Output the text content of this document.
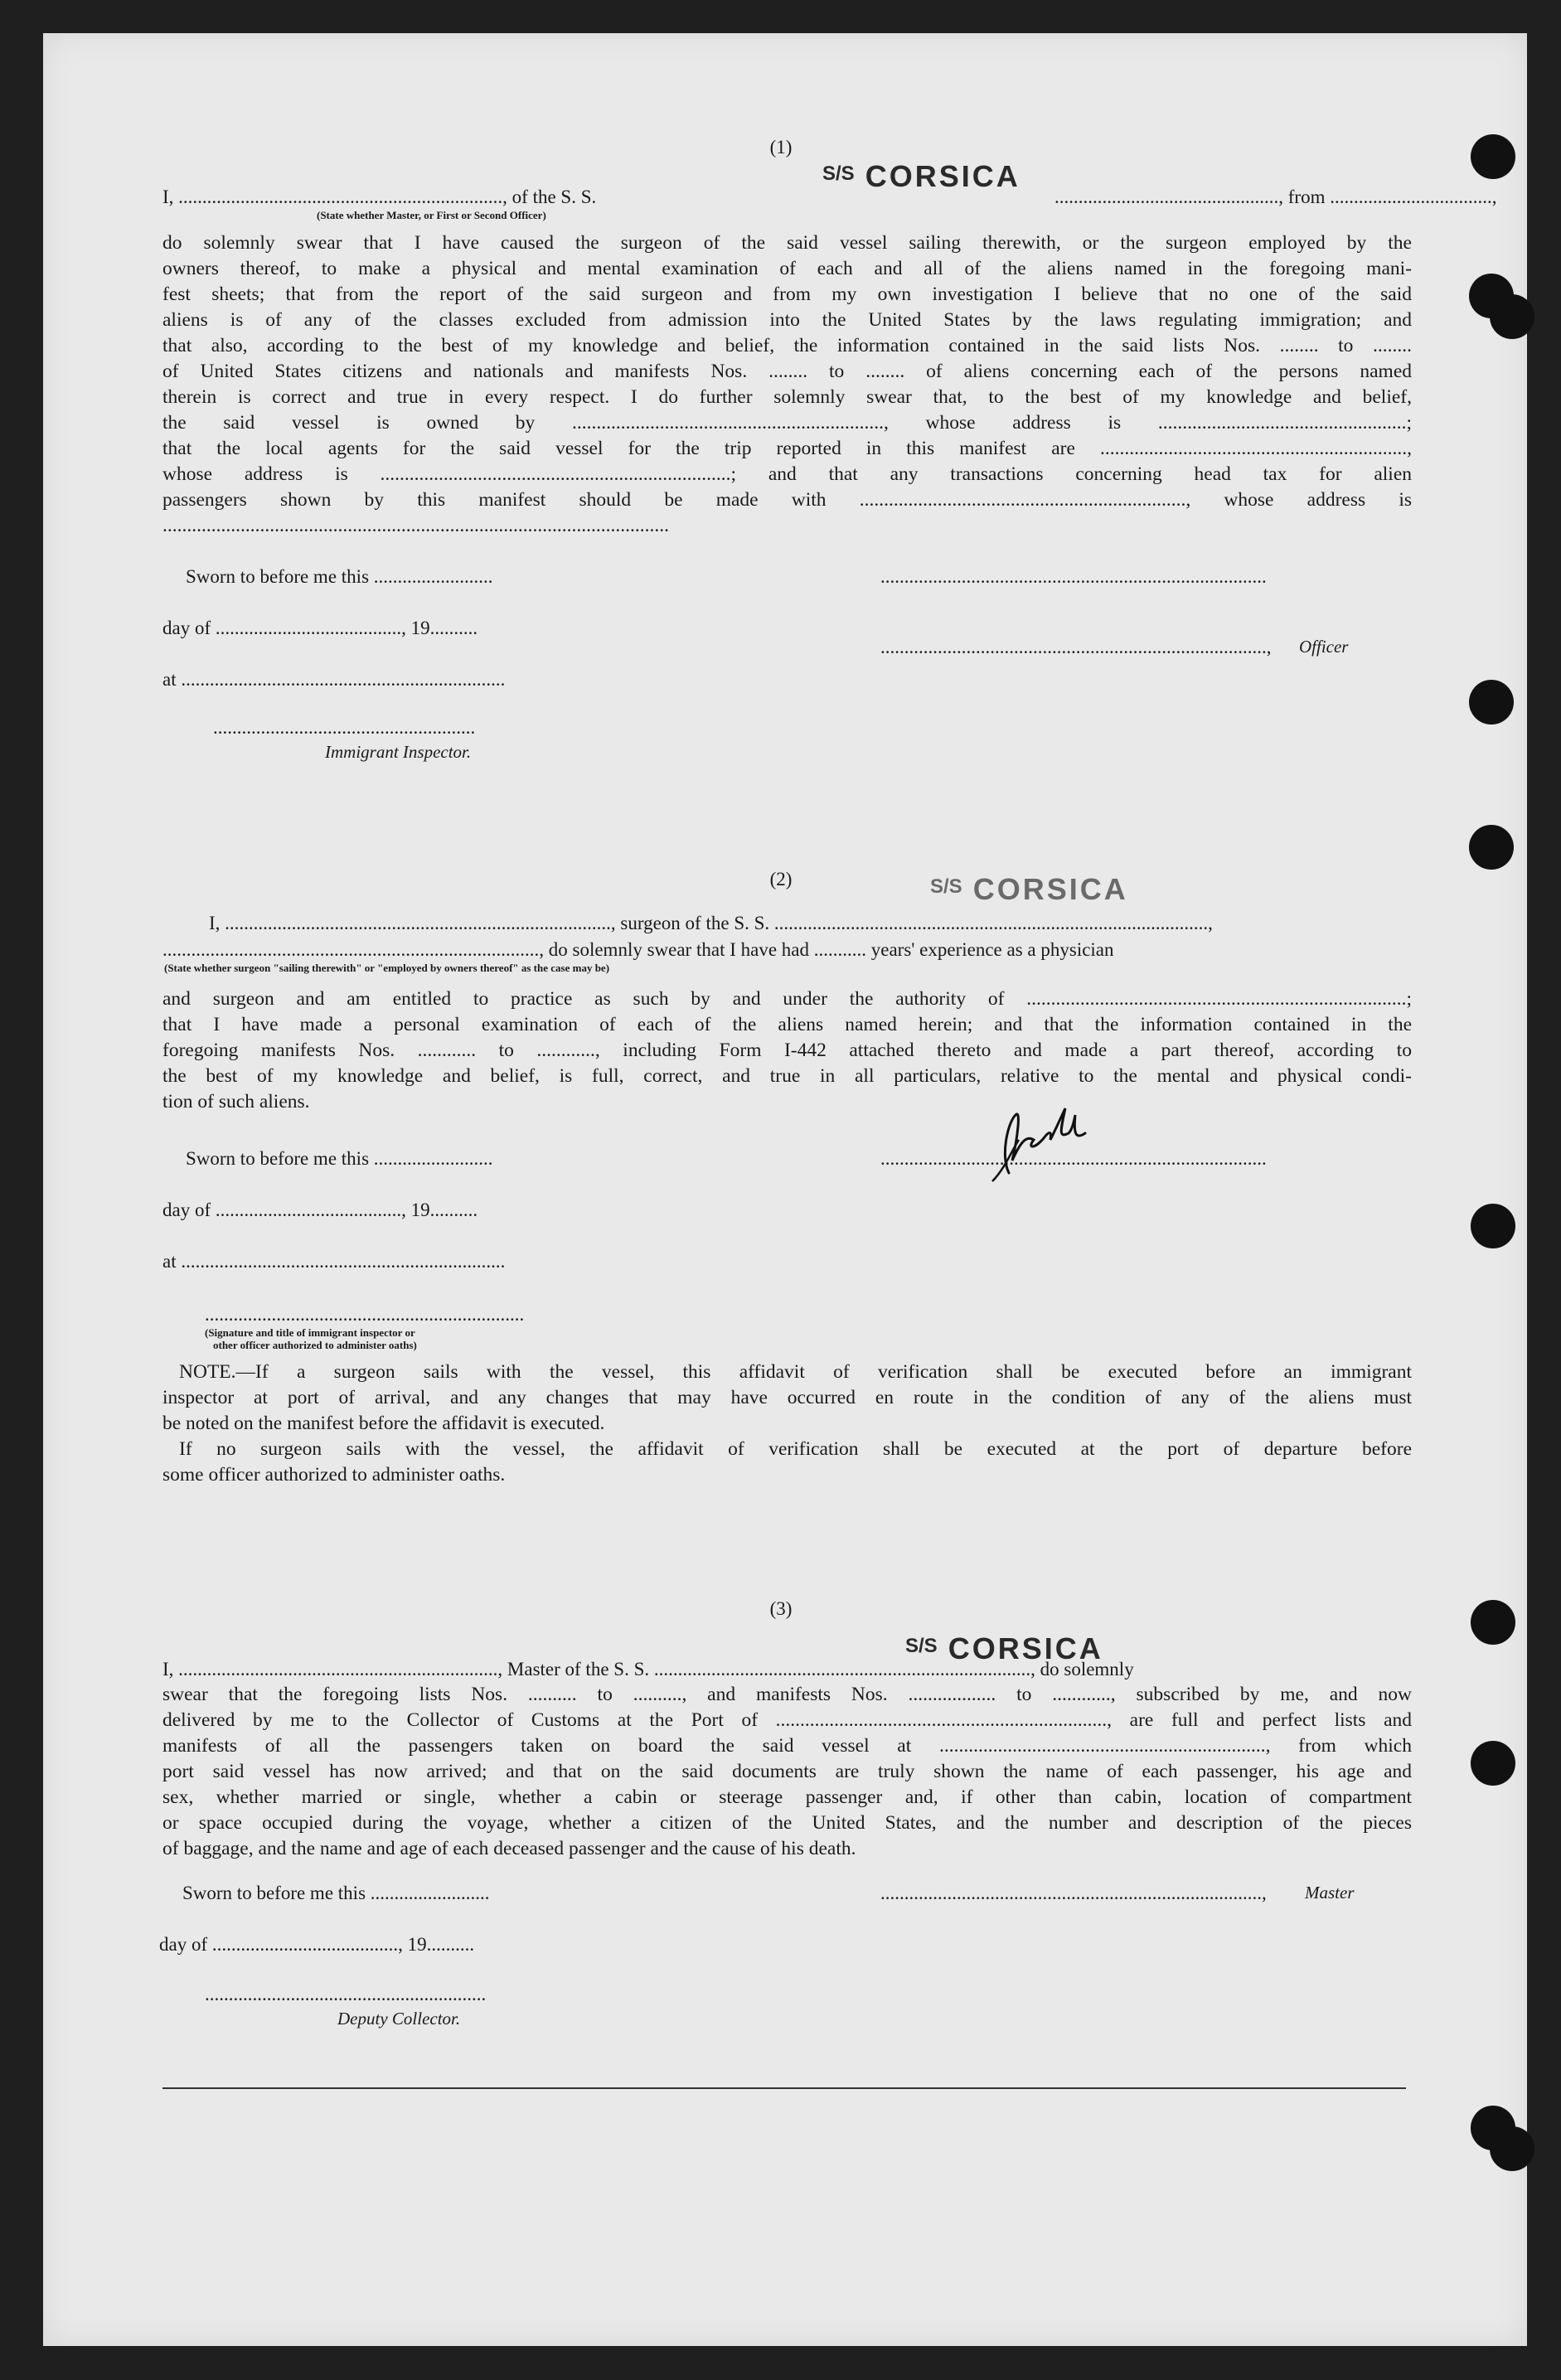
(1)
$^{S/S}$ CORSICA
I, ...................................................................., of the S. S.	..............................................., from ..................................,
(State whether Master, or First or Second Officer)

do solemnly swear that I have caused the surgeon of the said vessel sailing therewith, or the surgeon employed by the

owners thereof, to make a physical and mental examination of each and all of the aliens named in the foregoing mani-

fest sheets; that from the report of the said surgeon and from my own investigation I believe that no one of the said

aliens is of any of the classes excluded from admission into the United States by the laws regulating immigration; and

that also, according to the best of my knowledge and belief, the information contained in the said lists Nos. ........ to ........

of United States citizens and nationals and manifests Nos. ........ to ........ of aliens concerning each of the persons named

therein is correct and true in every respect. I do further solemnly swear that, to the best of my knowledge and belief,

the said vessel is owned by ................................................................, whose address is ...................................................;

that the local agents for the said vessel for the trip reported in this manifest are ...............................................................,

whose address is ........................................................................; and that any transactions concerning head tax for alien

passengers shown by this manifest should be made with ..................................................................., whose address is

........................................................................................................

Sworn to before me this .........................
day of ......................................., 19..........
at ....................................................................
.......................................................
Immigrant Inspector.
.................................................................................
................................................................................., Officer
(2)	$^{S/S}$ CORSICA
I, ................................................................................., surgeon of the S. S. ...........................................................................................,
..............................................................................., do solemnly swear that I have had ........... years' experience as a physician
(State whether surgeon "sailing therewith" or "employed by owners thereof" as the case may be)

and surgeon and am entitled to practice as such by and under the authority of ..............................................................................;

that I have made a personal examination of each of the aliens named herein; and that the information contained in the

foregoing manifests Nos. ............ to ............, including Form I-442 attached thereto and made a part thereof, according to

the best of my knowledge and belief, is full, correct, and true in all particulars, relative to the mental and physical condi-

tion of such aliens.

Sworn to before me this .........................
day of ......................................., 19..........
at ....................................................................
...................................................................
(Signature and title of immigrant inspector or
other officer authorized to administer oaths)
.................................................................................

NOTE.—If a surgeon sails with the vessel, this affidavit of verification shall be executed before an immigrant

inspector at port of arrival, and any changes that may have occurred en route in the condition of any of the aliens must

be noted on the manifest before the affidavit is executed.

If no surgeon sails with the vessel, the affidavit of verification shall be executed at the port of departure before

some officer authorized to administer oaths.

(3)
$^{S/S}$ CORSICA
I, ..................................................................., Master of the S. S. ..............................................................................., do solemnly

swear that the foregoing lists Nos. .......... to .........., and manifests Nos. .................. to ............, subscribed by me, and now

delivered by me to the Collector of Customs at the Port of ...................................................................., are full and perfect lists and

manifests of all the passengers taken on board the said vessel at ..................................................................., from which

port said vessel has now arrived; and that on the said documents are truly shown the name of each passenger, his age and

sex, whether married or single, whether a cabin or steerage passenger and, if other than cabin, location of compartment

or space occupied during the voyage, whether a citizen of the United States, and the number and description of the pieces

of baggage, and the name and age of each deceased passenger and the cause of his death.

Sworn to before me this .........................
day of ......................................., 19..........
...........................................................
Deputy Collector.
................................................................................, Master
